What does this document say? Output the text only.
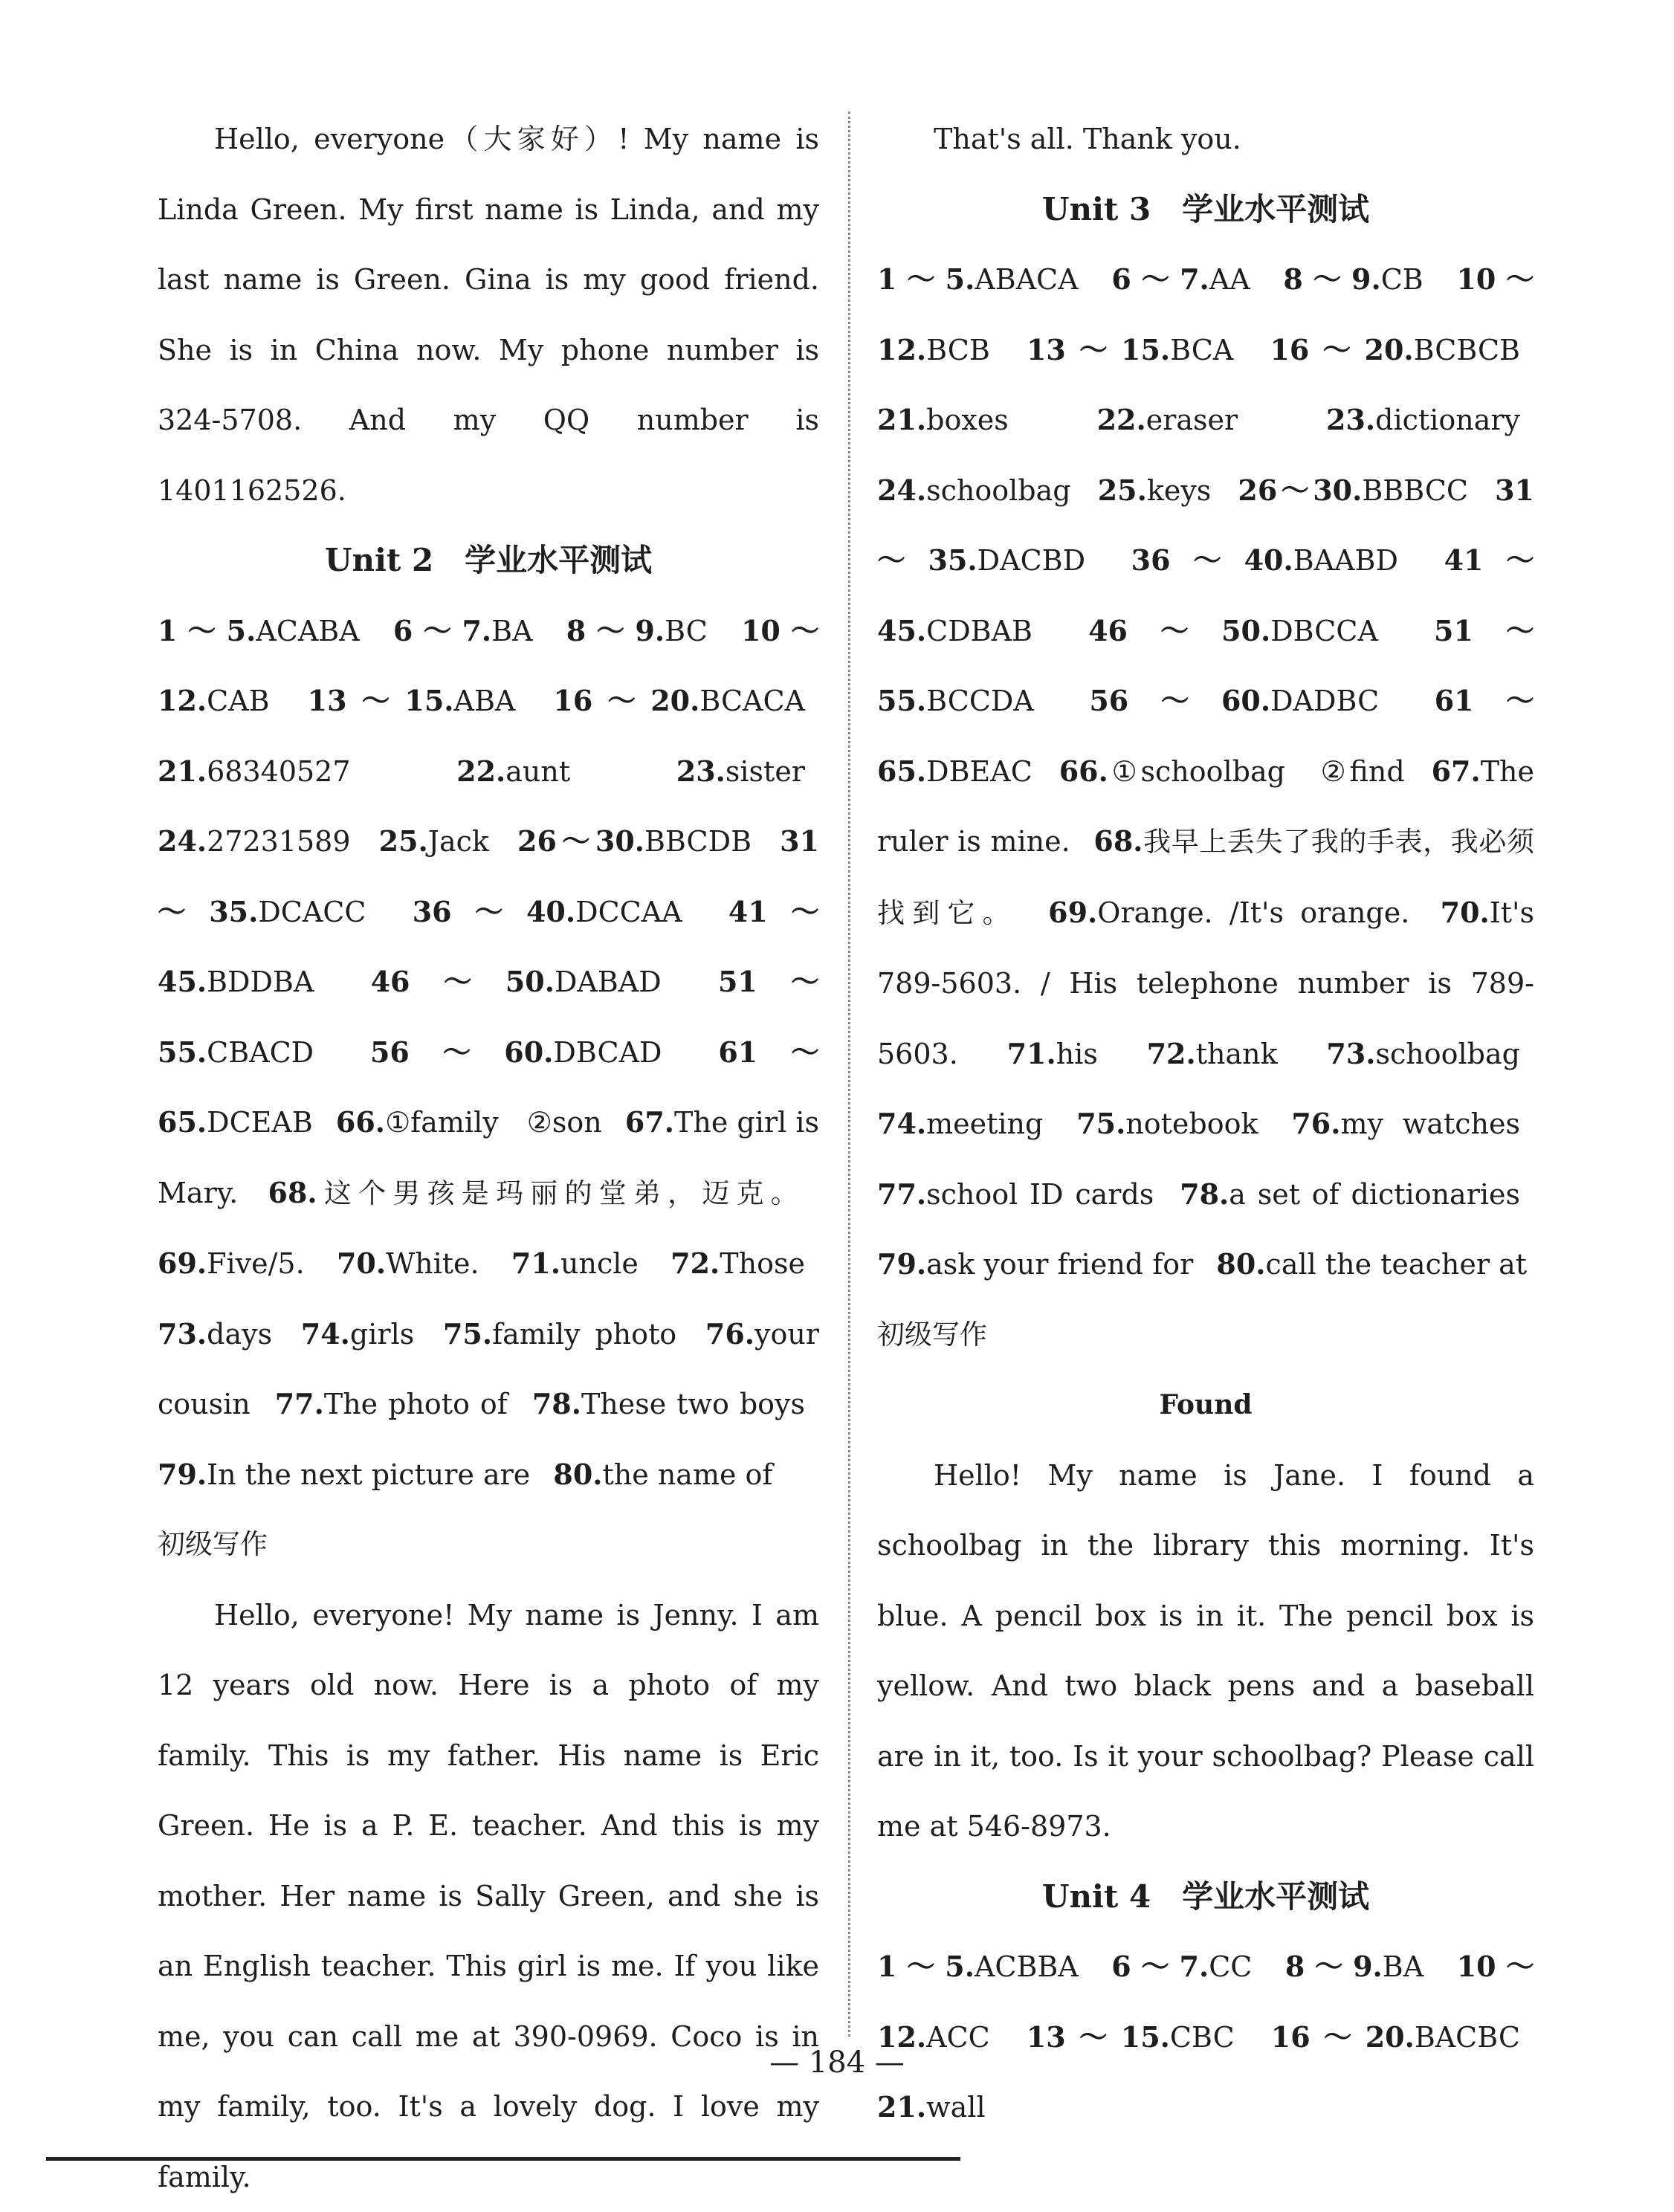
Hello, everyone（大家好）! My name is Linda Green. My first name is Linda, and my last name is Green. Gina is my good friend. She is in China now. My phone number is 324-5708. And my QQ number is 1401162526.

Unit 2　学业水平测试

1～5.ACABA  6～7.BA  8～9.BC  10～12.CAB  13～15.ABA  16～20.BCACA  21.68340527 	22.aunt 	23.sister  24.27231589  25.Jack  26～30.BBCDB  31～35.DCACC  36～40.DCCAA  41～45.BDDBA  46～50.DABAD  51～55.CBACD  56～60.DBCAD  61～65.DCEAB  66.①family　②son  67.The girl is Mary.  68.这个男孩是玛丽的堂弟，迈克。  69.Five/5.  70.White.  71.uncle  72.Those  73.days  74.girls  75.family photo  76.your cousin  77.The photo of  78.These two boys  79.In the next picture are  80.the name of

初级写作

Hello, everyone! My name is Jenny. I am 12 years old now. Here is a photo of my family. This is my father. His name is Eric Green. He is a P. E. teacher. And this is my mother. Her name is Sally Green, and she is an English teacher. This girl is me. If you like me, you can call me at 390-0969. Coco is in my family, too. It's a lovely dog. I love my family.

That's all. Thank you.

Unit 3　学业水平测试

1～5.ABACA  6～7.AA  8～9.CB  10～12.BCB  13～15.BCA  16～20.BCBCB  21.boxes 	22.eraser 	23.dictionary  24.schoolbag  25.keys  26～30.BBBCC  31～35.DACBD  36～40.BAABD  41～45.CDBAB  46～50.DBCCA  51～55.BCCDA  56～60.DADBC  61～65.DBEAC  66.①schoolbag　②find  67.The ruler is mine.  68.我早上丢失了我的手表，我必须找到它。  69.Orange. /It's orange.  70.It's 789-5603. / His telephone number is 789-5603.  71.his  72.thank  73.schoolbag  74.meeting  75.notebook  76.my watches  77.school ID cards  78.a set of dictionaries  79.ask your friend for  80.call the teacher at

初级写作

Found

Hello! My name is Jane. I found a schoolbag in the library this morning. It's blue. A pencil box is in it. The pencil box is yellow. And two black pens and a baseball are in it, too. Is it your schoolbag? Please call me at 546-8973.

Unit 4　学业水平测试

1～5.ACBBA  6～7.CC  8～9.BA  10～12.ACC  13～15.CBC  16～20.BACBC  21.wall

— 184 —
